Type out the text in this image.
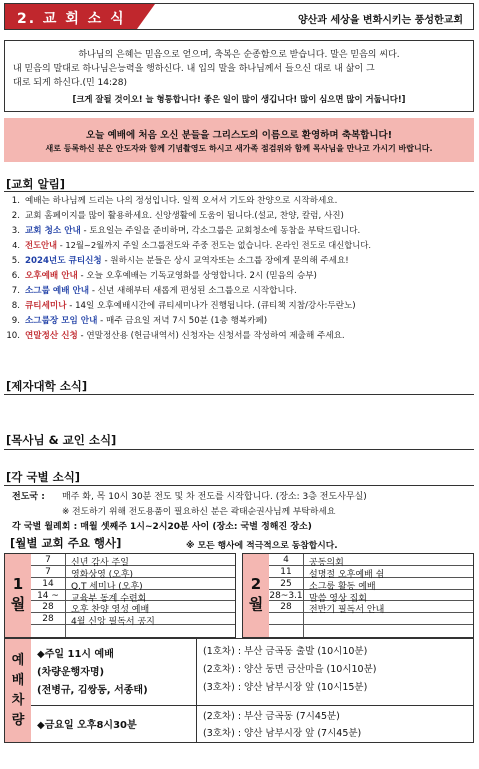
2. 교 회 소 식	양산과 세상을 변화시키는 풍성한교회
하나님의 은혜는 믿음으로 얻으며, 축복은 순종함으로 받습니다. 말은 믿음의 씨다.
내 믿음의 말대로 하나님은능력을 행하신다. 내 입의 말을 하나님께서 들으신 대로 내 삶이 그
대로 되게 하신다.(민 14:28)
[크게 잘될 것이오! 늘 형통합니다! 좋은 일이 많이 생깁니다! 많이 심으면 많이 거둡니다!]
오늘 예배에 처음 오신 분들을 그리스도의 이름으로 환영하며 축복합니다!
새로 등록하신 분은 안도자와 함께 기념촬영도 하시고 새가족 점검위와 함께 목사님을 만나고 가시기 바랍니다.
[교회 알림]
1. 예배는 하나님께 드리는 나의 정성입니다. 일찍 오셔서 기도와 찬양으로 시작하세요.
2. 교회 홈페이지를 많이 활용하세요. 신앙생활에 도움이 됩니다.(설교, 찬양, 칼럼, 사진)
3. 교회 청소 안내 - 토요일는 주일을 준비하며, 각소그룹은 교회청소에 동참을 부탁드립니다.
4. 전도안내 - 12월~2월까지 주일 소그룹전도와 주중 전도는 없습니다. 온라인 전도로 대신합니다.
5. 2024년도 큐티신청 - 원하시는 분들은 상시 교역자또는 소그룹 장에게 문의해 주세요!
6. 오후예배 안내 - 오늘 오후예배는 기독교영화를 상영합니다. 2시 (믿음의 승부)
7. 소그룹 예배 안내 - 신년 새해부터 새롭게 편성된 소그룹으로 시작합니다.
8. 큐티세미나 - 14일 오후예배시간에 큐티세미나가 진행됩니다. (큐티책 지참/강사:두란노)
9. 소그룹장 모임 안내 - 매주 금요일 저녁 7시 50분 (1층 행복카페)
10. 연말정산 신청 - 연말정산용 (헌금내역서) 신청자는 신청서를 작성하여 제출해 주세요.
[제자대학 소식]
[목사님 & 교인 소식]
[각 국별 소식]
전도국 : 매주 화, 목 10시 30분 전도 및 차 전도를 시작합니다. (장소: 3층 전도사무실)
※ 전도하기 위해 전도용품이 필요하신 분은 곽태순권사님께 부탁하세요
각 국별 월례회 : 매월 셋째주 1시~2시20분 사이 (장소: 국별 정해진 장소)
[월별 교회 주요 행사]	※ 모든 행사에 적극적으로 동참합시다.
1
월
7	신년 감사 주일
7	영화상영 (오후)
14	Q.T 세미나 (오후)
14 ~	교육부 동계 수련회
28	오후 찬양 영성 예배
28	4월 신앙 필독서 공지
2
월
4	공동의회
11	설명절 오후예배 쉼
25	소그룹 활동 예배
28~3.1 말씀 영상 집회
28	전반기 필독서 안내
예
배
차
량
◆주일 11시 예배
(차량운행자명)
(전병규, 김쌍동, 서종태)
(1호차) : 부산 금곡동 출발 (10시10분)
(2호차) : 양산 동면 금산마을 (10시10분)
(3호차) : 양산 남부시장 앞 (10시15분)
◆금요일 오후8시30분
(2호차) : 부산 금곡동 (7시45분)
(3호차) : 양산 남부시장 앞 (7시45분)
